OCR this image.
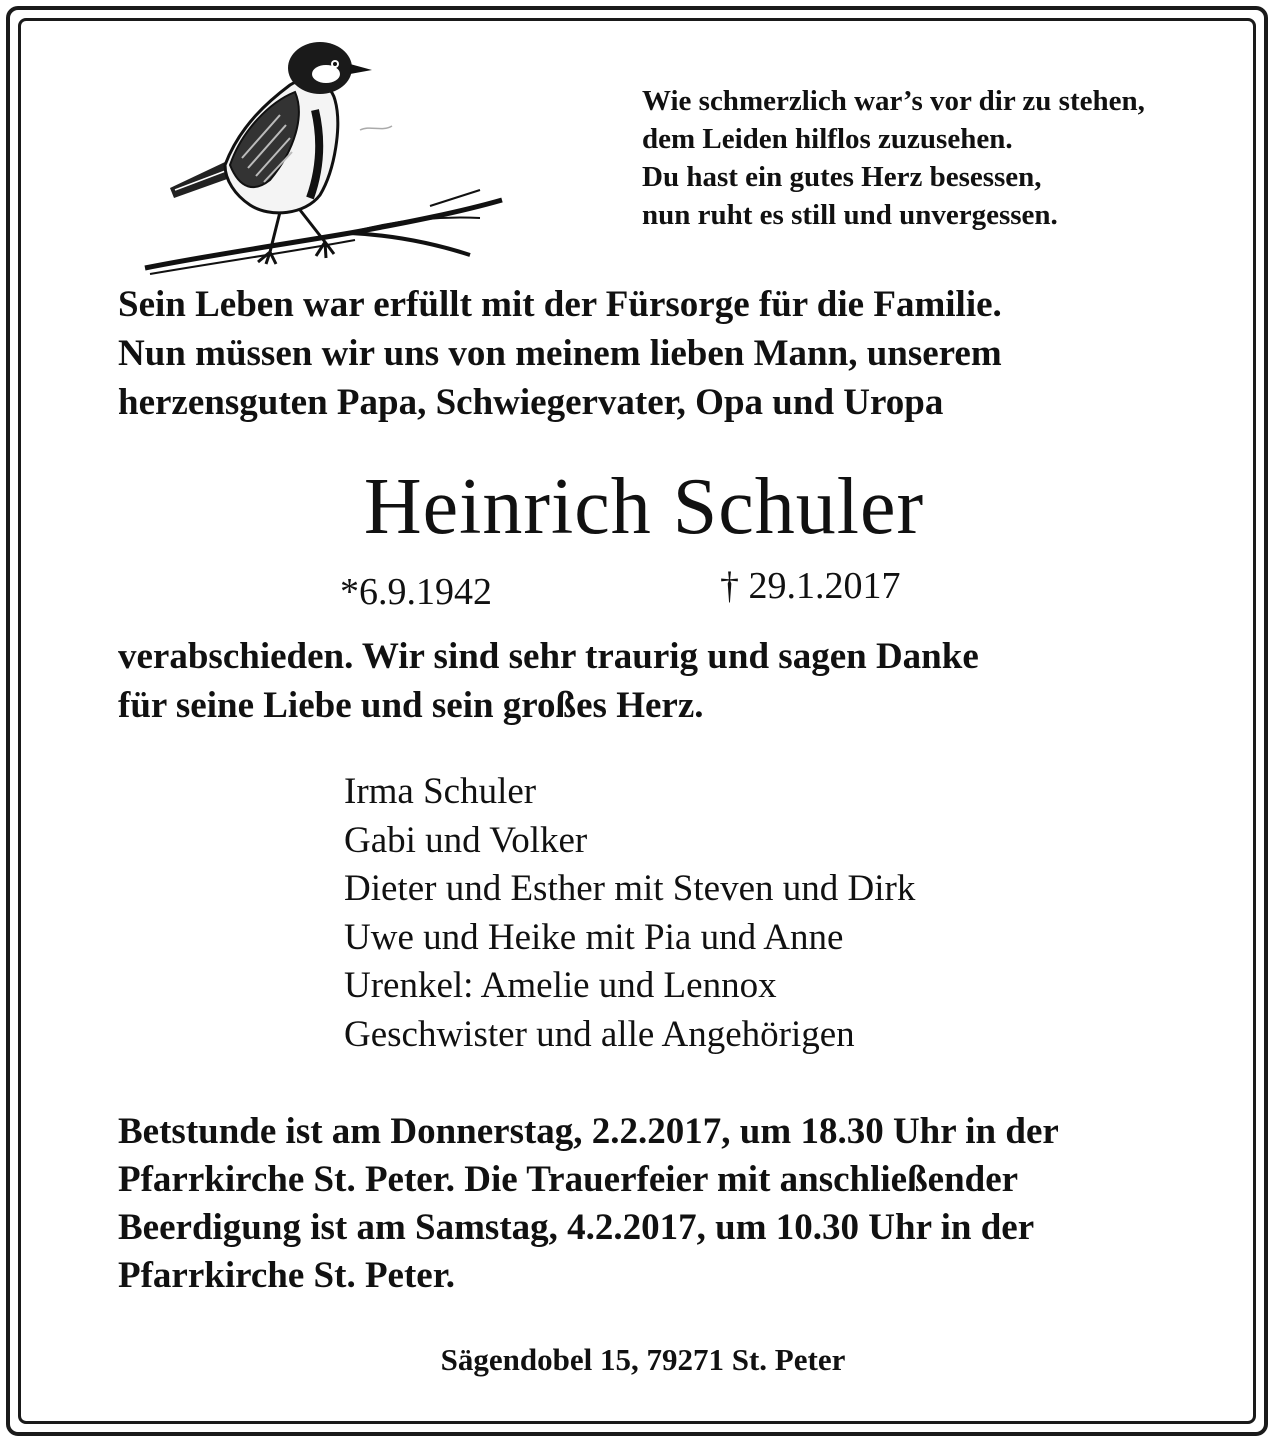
Wie schmerzlich war’s vor dir zu stehen,
dem Leiden hilflos zuzusehen.
Du hast ein gutes Herz besessen,
nun ruht es still und unvergessen.
Sein Leben war erfüllt mit der Fürsorge für die Familie.
Nun müssen wir uns von meinem lieben Mann, unserem
herzensguten Papa, Schwiegervater, Opa und Uropa
Heinrich Schuler
*6.9.1942	† 29.1.2017
verabschieden. Wir sind sehr traurig und sagen Danke
für seine Liebe und sein großes Herz.
Irma Schuler
Gabi und Volker
Dieter und Esther mit Steven und Dirk
Uwe und Heike mit Pia und Anne
Urenkel: Amelie und Lennox
Geschwister und alle Angehörigen
Betstunde ist am Donnerstag, 2.2.2017, um 18.30 Uhr in der
Pfarrkirche St. Peter. Die Trauerfeier mit anschließender
Beerdigung ist am Samstag, 4.2.2017, um 10.30 Uhr in der
Pfarrkirche St. Peter.
Sägendobel 15, 79271 St. Peter
